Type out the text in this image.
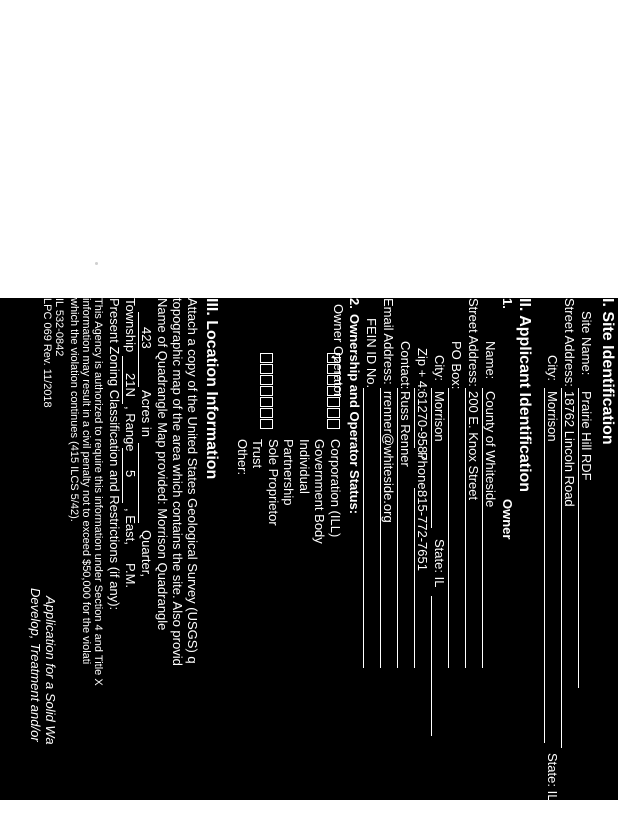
I. Site Identification
Site Name:
Prairie Hill RDF
Street Address:
18762 Lincoln Road
City:
Morrison
State: IL
II. Applicant Identification
1.
Owner
Name:
County of Whiteside
Street Address:
200 E. Knox Street
PO Box:
City:
Morrison
State: IL
Zip + 4:
61270-9587
Phone:
815-772-7651
Contact:
Russ Renner
Email Address:
rrenner@whiteside.org
FEIN ID No.
2.
Ownership and Operator Status:
Owner
Operator
✓
Corporation (ILL)
Government Body
Individual
Partnership
Sole Proprietor
Trust
Other:
III. Location Information
Attach a copy of the United States Geological Survey (USGS) q
topographic map of the area which contains the site. Also provid
Name of Quadrangle Map provided: Morrison Quadrangle
423
Acres in
Quarter,
Township
21N
, Range
5
, East,
P.M.
Present Zoning Classification and Restrictions (if any):
This Agency is authorized to require this information under Section 4 and Title X
information may result in a civil penalty not to exceed $50,000 for the violati
which the violation continues (415 ILCS 5/42).
IL 532-0842
LPC 069 Rev. 11/2018
Application for a Solid Wa
Develop, Treatment and/or
